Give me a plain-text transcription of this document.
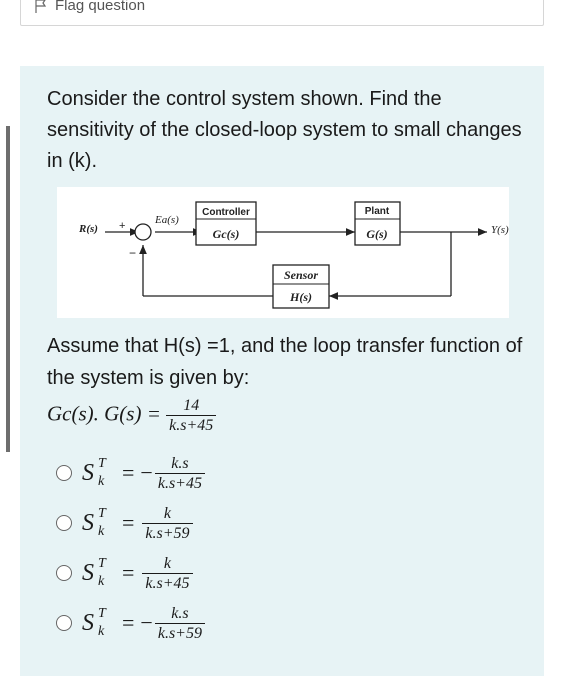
Flag question
Consider the control system shown. Find the sensitivity of the closed-loop system to small changes in (k).
R(s) +
−
Ea(s)
Controller
Gc(s)
Plant
G(s)	Y(s)
Sensor
H(s)
Assume that H(s) =1, and the loop transfer function of the system is given by:
Gc(s). $G(s) = \frac{14}{k.s+45}$
S T
k = − $\frac{k.s}{k.s+45}$
S T
$k = \frac{k}{k.s+59}$
S T
$k = \frac{k}{k.s+45}$
S T
k = − $\frac{k.s}{k.s+59}$
